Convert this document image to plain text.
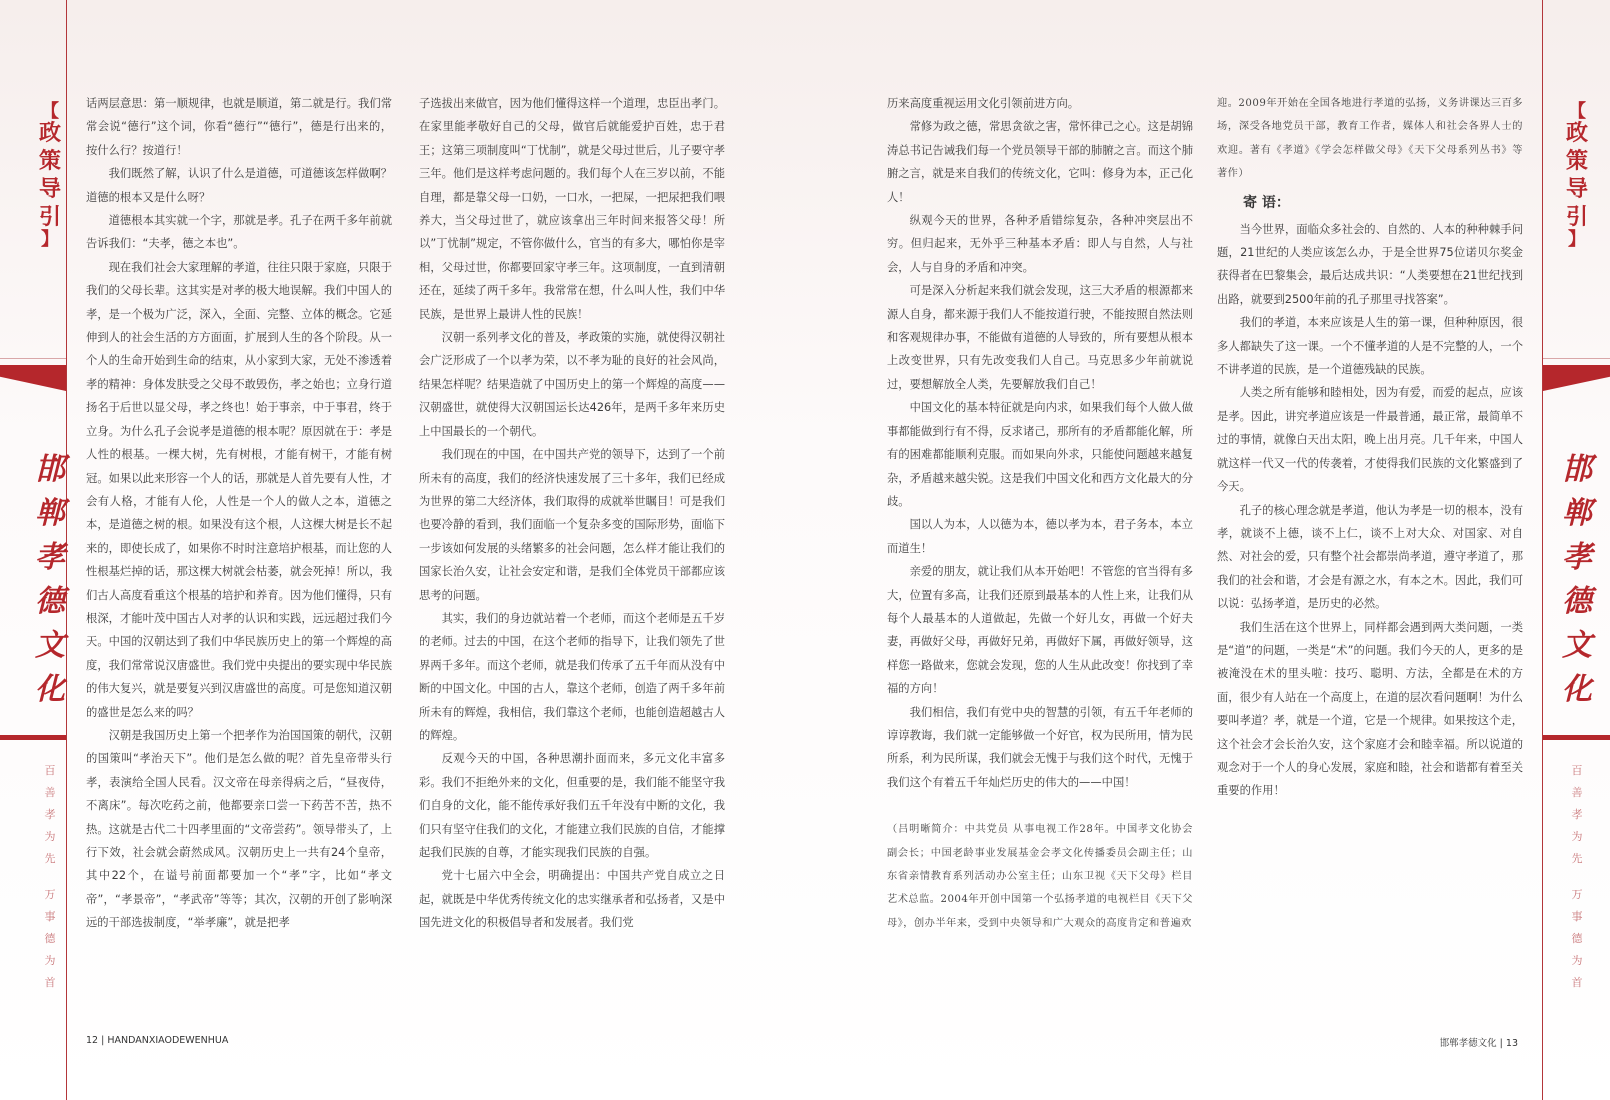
【
政
策
导
引
】
邯
郸
孝
德
文
化
百
善
孝
为
先
万
事
德
为
首

话两层意思：第一顺规律，也就是顺道，第二就是行。我们常常会说“德行”这个词，你看“德行”“德行”，德是行出来的，按什么行？按道行！

我们既然了解，认识了什么是道德，可道德该怎样做啊？道德的根本又是什么呀？

道德根本其实就一个字，那就是孝。孔子在两千多年前就告诉我们：“夫孝，德之本也”。

现在我们社会大家理解的孝道，往往只限于家庭，只限于我们的父母长辈。这其实是对孝的极大地误解。我们中国人的孝，是一个极为广泛，深入，全面、完整、立体的概念。它延伸到人的社会生活的方方面面，扩展到人生的各个阶段。从一个人的生命开始到生命的结束，从小家到大家，无处不渗透着孝的精神：身体发肤受之父母不敢毁伤，孝之始也；立身行道扬名于后世以显父母，孝之终也！始于事亲，中于事君，终于立身。为什么孔子会说孝是道德的根本呢？原因就在于：孝是人性的根基。一棵大树，先有树根，才能有树干，才能有树冠。如果以此来形容一个人的话，那就是人首先要有人性，才会有人格，才能有人伦，人性是一个人的做人之本，道德之本，是道德之树的根。如果没有这个根，人这棵大树是长不起来的，即使长成了，如果你不时时注意培护根基，而让您的人性根基烂掉的话，那这棵大树就会枯萎，就会死掉！所以，我们古人高度看重这个根基的培护和养育。因为他们懂得，只有根深，才能叶茂中国古人对孝的认识和实践，远远超过我们今天。中国的汉朝达到了我们中华民族历史上的第一个辉煌的高度，我们常常说汉唐盛世。我们党中央提出的要实现中华民族的伟大复兴，就是要复兴到汉唐盛世的高度。可是您知道汉朝的盛世是怎么来的吗？

汉朝是我国历史上第一个把孝作为治国国策的朝代，汉朝的国策叫“孝治天下”。他们是怎么做的呢？首先皇帝带头行孝，表演给全国人民看。汉文帝在母亲得病之后，“昼夜侍，不离床”。每次吃药之前，他都要亲口尝一下药苦不苦，热不热。这就是古代二十四孝里面的“文帝尝药”。领导带头了，上行下效，社会就会蔚然成风。汉朝历史上一共有24个皇帝，其中22个，在谥号前面都要加一个“孝”字，比如“孝文帝”，“孝景帝”，“孝武帝”等等；其次，汉朝的开创了影响深远的干部选拔制度，“举孝廉”，就是把孝

子选拔出来做官，因为他们懂得这样一个道理，忠臣出孝门。在家里能孝敬好自己的父母，做官后就能爱护百姓，忠于君王；这第三项制度叫“丁忧制”，就是父母过世后，儿子要守孝三年。他们是这样考虑问题的。我们每个人在三岁以前，不能自理，都是靠父母一口奶，一口水，一把屎，一把尿把我们喂养大，当父母过世了，就应该拿出三年时间来报答父母！所以”丁忧制”规定，不管你做什么，官当的有多大，哪怕你是宰相，父母过世，你都要回家守孝三年。这项制度，一直到清朝还在，延续了两千多年。我常常在想，什么叫人性，我们中华民族，是世界上最讲人性的民族！

汉朝一系列孝文化的普及，孝政策的实施，就使得汉朝社会广泛形成了一个以孝为荣，以不孝为耻的良好的社会风尚，结果怎样呢？结果造就了中国历史上的第一个辉煌的高度——汉朝盛世，就使得大汉朝国运长达426年，是两千多年来历史上中国最长的一个朝代。

我们现在的中国，在中国共产党的领导下，达到了一个前所未有的高度，我们的经济快速发展了三十多年，我们已经成为世界的第二大经济体，我们取得的成就举世瞩目！可是我们也要冷静的看到，我们面临一个复杂多变的国际形势，面临下一步该如何发展的头绪繁多的社会问题，怎么样才能让我们的国家长治久安，让社会安定和谐，是我们全体党员干部都应该思考的问题。

其实，我们的身边就站着一个老师，而这个老师是五千岁的老师。过去的中国，在这个老师的指导下，让我们领先了世界两千多年。而这个老师，就是我们传承了五千年而从没有中断的中国文化。中国的古人，靠这个老师，创造了两千多年前所未有的辉煌，我相信，我们靠这个老师，也能创造超越古人的辉煌。

反观今天的中国，各种思潮扑面而来，多元文化丰富多彩。我们不拒绝外来的文化，但重要的是，我们能不能坚守我们自身的文化，能不能传承好我们五千年没有中断的文化，我们只有坚守住我们的文化，才能建立我们民族的自信，才能撑起我们民族的自尊，才能实现我们民族的自强。

党十七届六中全会，明确提出：中国共产党自成立之日起，就既是中华优秀传统文化的忠实继承者和弘扬者，又是中国先进文化的积极倡导者和发展者。我们党

12 | HANDANXIAODEWENHUA
【
政
策
导
引
】
邯
郸
孝
德
文
化
百
善
孝
为
先
万
事
德
为
首

历来高度重视运用文化引领前进方向。

常修为政之德，常思贪欲之害，常怀律己之心。这是胡锦涛总书记告诫我们每一个党员领导干部的肺腑之言。而这个肺腑之言，就是来自我们的传统文化，它叫：修身为本，正己化人！

纵观今天的世界，各种矛盾错综复杂，各种冲突层出不穷。但归起来，无外乎三种基本矛盾：即人与自然，人与社会，人与自身的矛盾和冲突。

可是深入分析起来我们就会发现，这三大矛盾的根源都来源人自身，都来源于我们人不能按道行驶，不能按照自然法则和客观规律办事，不能做有道德的人导致的，所有要想从根本上改变世界，只有先改变我们人自己。马克思多少年前就说过，要想解放全人类，先要解放我们自己！

中国文化的基本特征就是向内求，如果我们每个人做人做事都能做到行有不得，反求诸己，那所有的矛盾都能化解，所有的困难都能顺利克服。而如果向外求，只能使问题越来越复杂，矛盾越来越尖锐。这是我们中国文化和西方文化最大的分歧。

国以人为本，人以德为本，德以孝为本，君子务本，本立而道生！

亲爱的朋友，就让我们从本开始吧！不管您的官当得有多大，位置有多高，让我们还原到最基本的人性上来，让我们从每个人最基本的人道做起，先做一个好儿女，再做一个好夫妻，再做好父母，再做好兄弟，再做好下属，再做好领导，这样您一路做来，您就会发现，您的人生从此改变！你找到了幸福的方向！

我们相信，我们有党中央的智慧的引领，有五千年老师的谆谆教诲，我们就一定能够做一个好官，权为民所用，情为民所系，利为民所谋，我们就会无愧于与我们这个时代，无愧于我们这个有着五千年灿烂历史的伟大的——中国！

（吕明晰简介：中共党员 从事电视工作28年。中国孝文化协会副会长；中国老龄事业发展基金会孝文化传播委员会副主任；山东省亲情教育系列活动办公室主任；山东卫视《天下父母》栏目艺术总监。2004年开创中国第一个弘扬孝道的电视栏目《天下父母》，创办半年来，受到中央领导和广大观众的高度肯定和普遍欢

迎。2009年开始在全国各地进行孝道的弘扬，义务讲课达三百多场，深受各地党员干部，教育工作者，媒体人和社会各界人士的欢迎。著有《孝道》《学会怎样做父母》《天下父母系列丛书》等著作）

寄 语：

当今世界，面临众多社会的、自然的、人本的种种棘手问题，21世纪的人类应该怎么办，于是全世界75位诺贝尔奖金获得者在巴黎集会，最后达成共识：“人类要想在21世纪找到出路，就要到2500年前的孔子那里寻找答案”。

我们的孝道，本来应该是人生的第一课，但种种原因，很多人都缺失了这一课。一个不懂孝道的人是不完整的人，一个不讲孝道的民族，是一个道德残缺的民族。

人类之所有能够和睦相处，因为有爱，而爱的起点，应该是孝。因此，讲究孝道应该是一件最普通，最正常，最简单不过的事情，就像白天出太阳，晚上出月亮。几千年来，中国人就这样一代又一代的传袭着，才使得我们民族的文化繁盛到了今天。

孔子的核心理念就是孝道，他认为孝是一切的根本，没有孝，就谈不上德，谈不上仁，谈不上对大众、对国家、对自然、对社会的爱，只有整个社会都崇尚孝道，遵守孝道了，那我们的社会和谐，才会是有源之水，有本之木。因此，我们可以说：弘扬孝道，是历史的必然。

我们生活在这个世界上，同样都会遇到两大类问题，一类是“道”的问题，一类是“术”的问题。我们今天的人，更多的是被淹没在术的里头啦：技巧、聪明、方法，全都是在术的方面，很少有人站在一个高度上，在道的层次看问题啊！为什么要叫孝道？孝，就是一个道，它是一个规律。如果按这个走，这个社会才会长治久安，这个家庭才会和睦幸福。所以说道的观念对于一个人的身心发展，家庭和睦，社会和谐都有着至关重要的作用！

邯郸孝德文化 | 13
